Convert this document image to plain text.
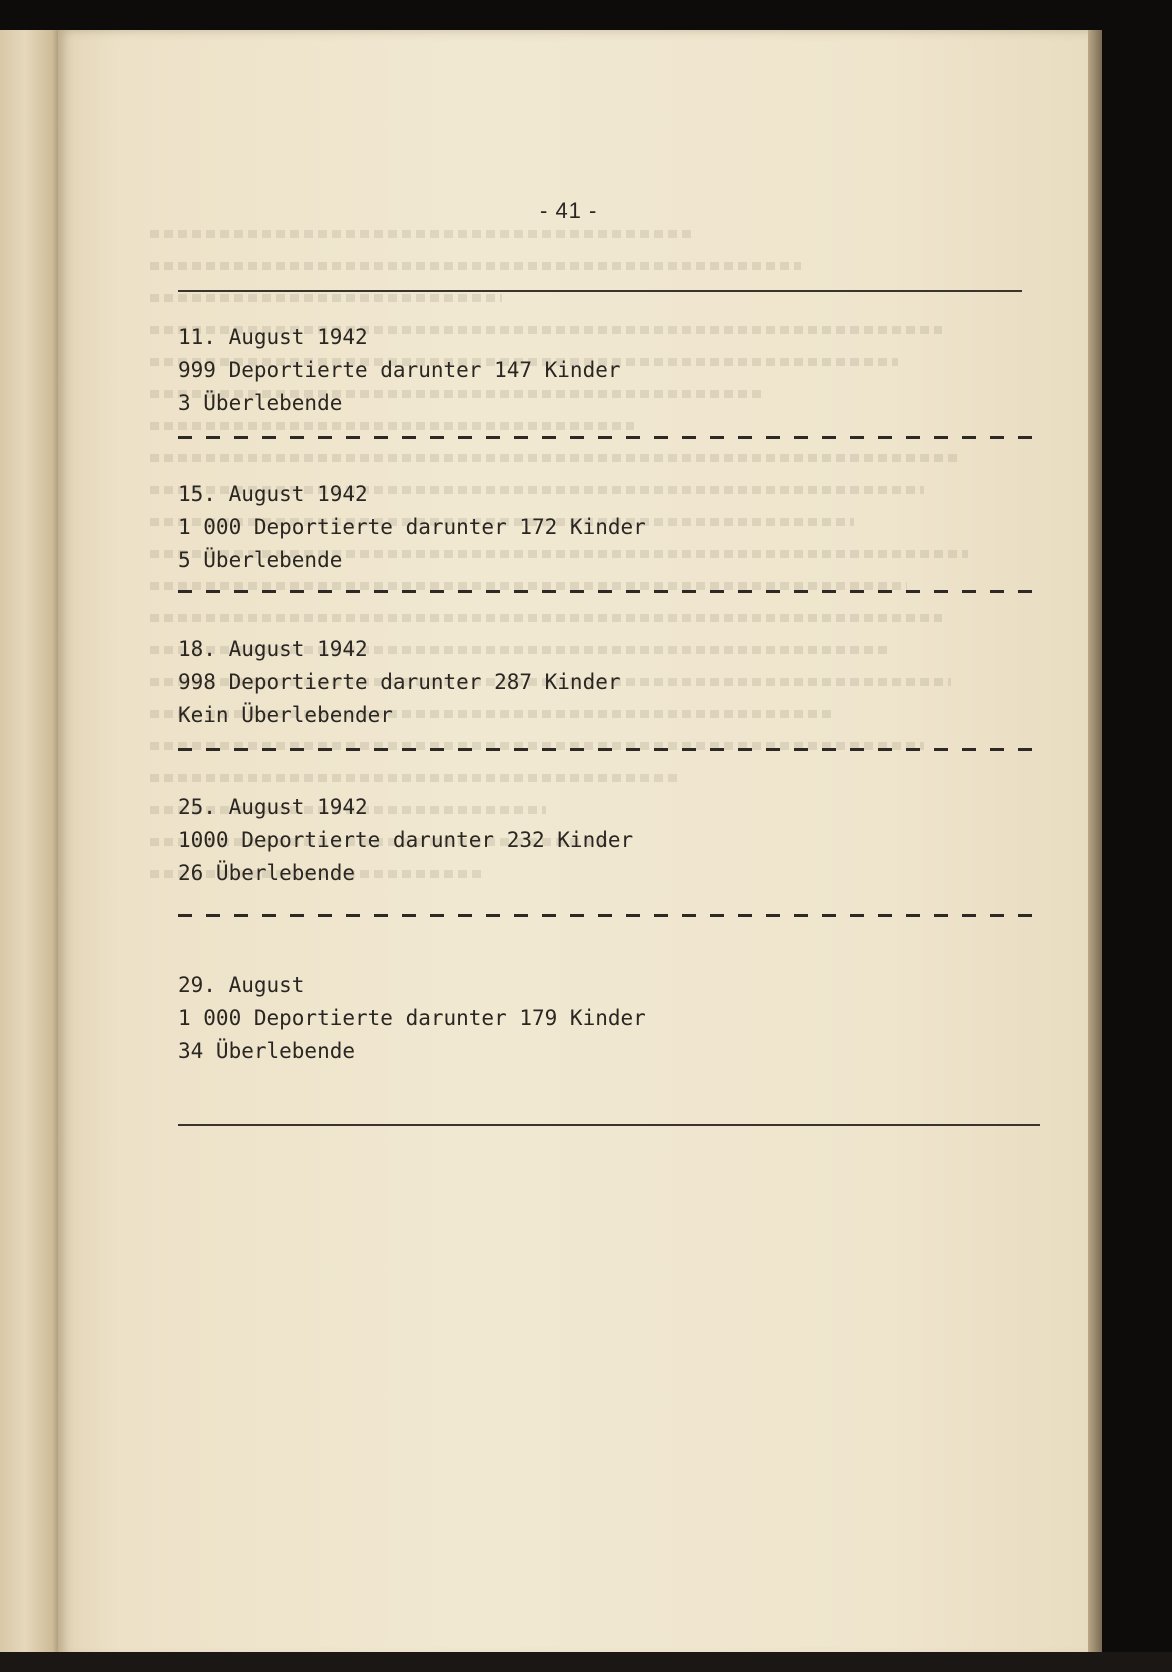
- 41 -
11. August 1942
999 Deportierte darunter 147 Kinder
3 Überlebende
15. August 1942
1 000 Deportierte darunter 172 Kinder
5 Überlebende
18. August 1942
998 Deportierte darunter 287 Kinder
Kein Überlebender
25. August 1942
1000 Deportierte darunter 232 Kinder
26 Überlebende
29. August
1 000 Deportierte darunter 179 Kinder
34 Überlebende
